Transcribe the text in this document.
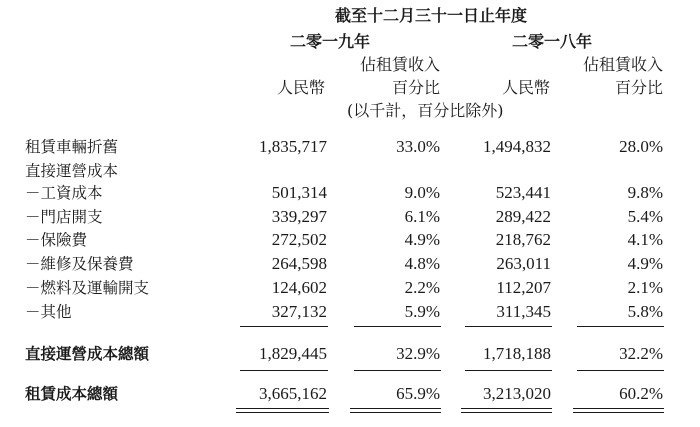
截至十二月三十一日止年度
二零一九年	二零一八年
佔租賃收入	佔租賃收入
人民幣	百分比	人民幣	百分比
(以千計，百分比除外)
租賃車輛折舊	1,835,717	33.0%	1,494,832	28.0%
直接運營成本
－工資成本	501,314	9.0%	523,441	9.8%
－門店開支	339,297	6.1%	289,422	5.4%
－保險費	272,502	4.9%	218,762	4.1%
－維修及保養費	264,598	4.8%	263,011	4.9%
－燃料及運輸開支	124,602	2.2%	112,207	2.1%
－其他	327,132	5.9%	311,345	5.8%
直接運營成本總額	1,829,445	32.9%	1,718,188	32.2%
租賃成本總額	3,665,162	65.9%	3,213,020	60.2%
